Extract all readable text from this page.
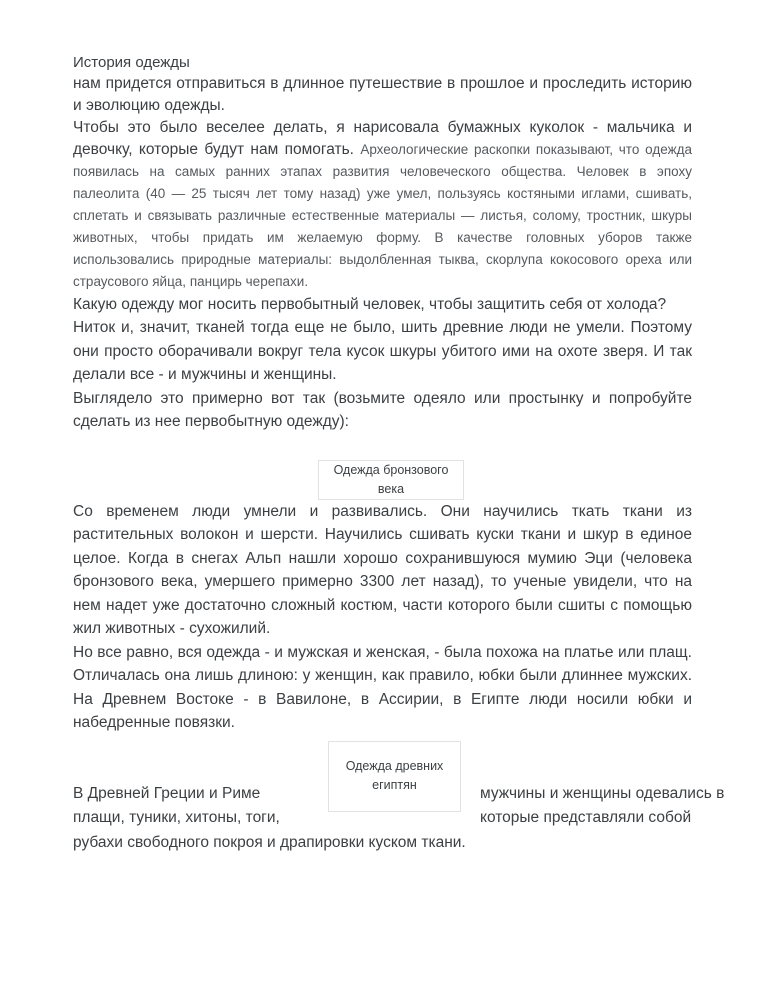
История одежды

нам придется отправиться в длинное путешествие в прошлое и проследить историю и эволюцию одежды.

Чтобы это было веселее делать, я нарисовала бумажных куколок - мальчика и девочку, которые будут нам помогать. Археологические раскопки показывают, что одежда появилась на самых ранних этапах развития человеческого общества. Человек в эпоху палеолита (40 — 25 тысяч лет тому назад) уже умел, пользуясь костяными иглами, сшивать, сплетать и связывать различные естественные материалы — листья, солому, тростник, шкуры животных, чтобы придать им желаемую форму. В качестве головных уборов также использовались природные материалы: выдолбленная тыква, скорлупа кокосового ореха или страусового яйца, панцирь черепахи.

Какую одежду мог носить первобытный человек, чтобы защитить себя от холода?

Ниток и, значит, тканей тогда еще не было, шить древние люди не умели. Поэтому они просто оборачивали вокруг тела кусок шкуры убитого ими на охоте зверя. И так делали все - и мужчины и женщины.

Выглядело это примерно вот так (возьмите одеяло или простынку и попробуйте сделать из нее первобытную одежду):

Одежда бронзового века

Со временем люди умнели и развивались. Они научились ткать ткани из растительных волокон и шерсти. Научились сшивать куски ткани и шкур в единое целое. Когда в снегах Альп нашли хорошо сохранившуюся мумию Эци (человека бронзового века, умершего примерно 3300 лет назад), то ученые увидели, что на нем надет уже достаточно сложный костюм, части которого были сшиты с помощью жил животных - сухожилий.

Но все равно, вся одежда - и мужская и женская, - была похожа на платье или плащ. Отличалась она лишь длиною: у женщин, как правило, юбки были длиннее мужских. На Древнем Востоке - в Вавилоне, в Ассирии, в Египте люди носили юбки и набедренные повязки.

Одежда древних
египтян
В Древней Греции и Риме	мужчины и женщины одевались в
плащи, туники, хитоны, тоги,	которые представляли собой
рубахи свободного покроя и драпировки куском ткани.
